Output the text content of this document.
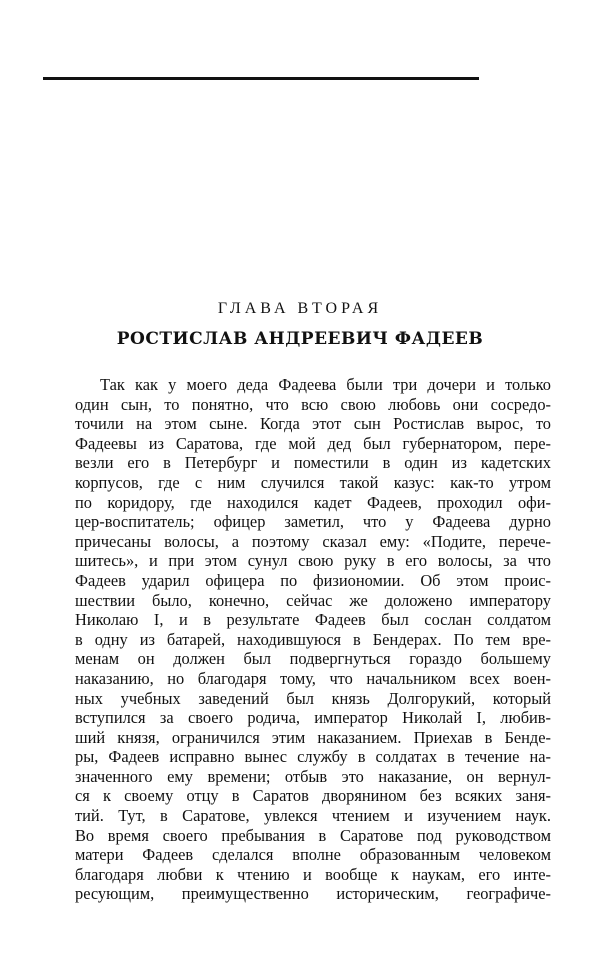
ГЛАВА ВТОРАЯ
РОСТИСЛАВ АНДРЕЕВИЧ ФАДЕЕВ
Так как у моего деда Фадеева были три дочери и только
один сын, то понятно, что всю свою любовь они сосредо-
точили на этом сыне. Когда этот сын Ростислав вырос, то
Фадеевы из Саратова, где мой дед был губернатором, пере-
везли его в Петербург и поместили в один из кадетских
корпусов, где с ним случился такой казус: как-то утром
по коридору, где находился кадет Фадеев, проходил офи-
цер-воспитатель; офицер заметил, что у Фадеева дурно
причесаны волосы, а поэтому сказал ему: «Подите, перече-
шитесь», и при этом сунул свою руку в его волосы, за что
Фадеев ударил офицера по физиономии. Об этом проис-
шествии было, конечно, сейчас же доложено императору
Николаю I, и в результате Фадеев был сослан солдатом
в одну из батарей, находившуюся в Бендерах. По тем вре-
менам он должен был подвергнуться гораздо большему
наказанию, но благодаря тому, что начальником всех воен-
ных учебных заведений был князь Долгорукий, который
вступился за своего родича, император Николай I, любив-
ший князя, ограничился этим наказанием. Приехав в Бенде-
ры, Фадеев исправно вынес службу в солдатах в течение на-
значенного ему времени; отбыв это наказание, он вернул-
ся к своему отцу в Саратов дворянином без всяких заня-
тий. Тут, в Саратове, увлекся чтением и изучением наук.
Во время своего пребывания в Саратове под руководством
матери Фадеев сделался вполне образованным человеком
благодаря любви к чтению и вообще к наукам, его инте-
ресующим, преимущественно историческим, географиче-
